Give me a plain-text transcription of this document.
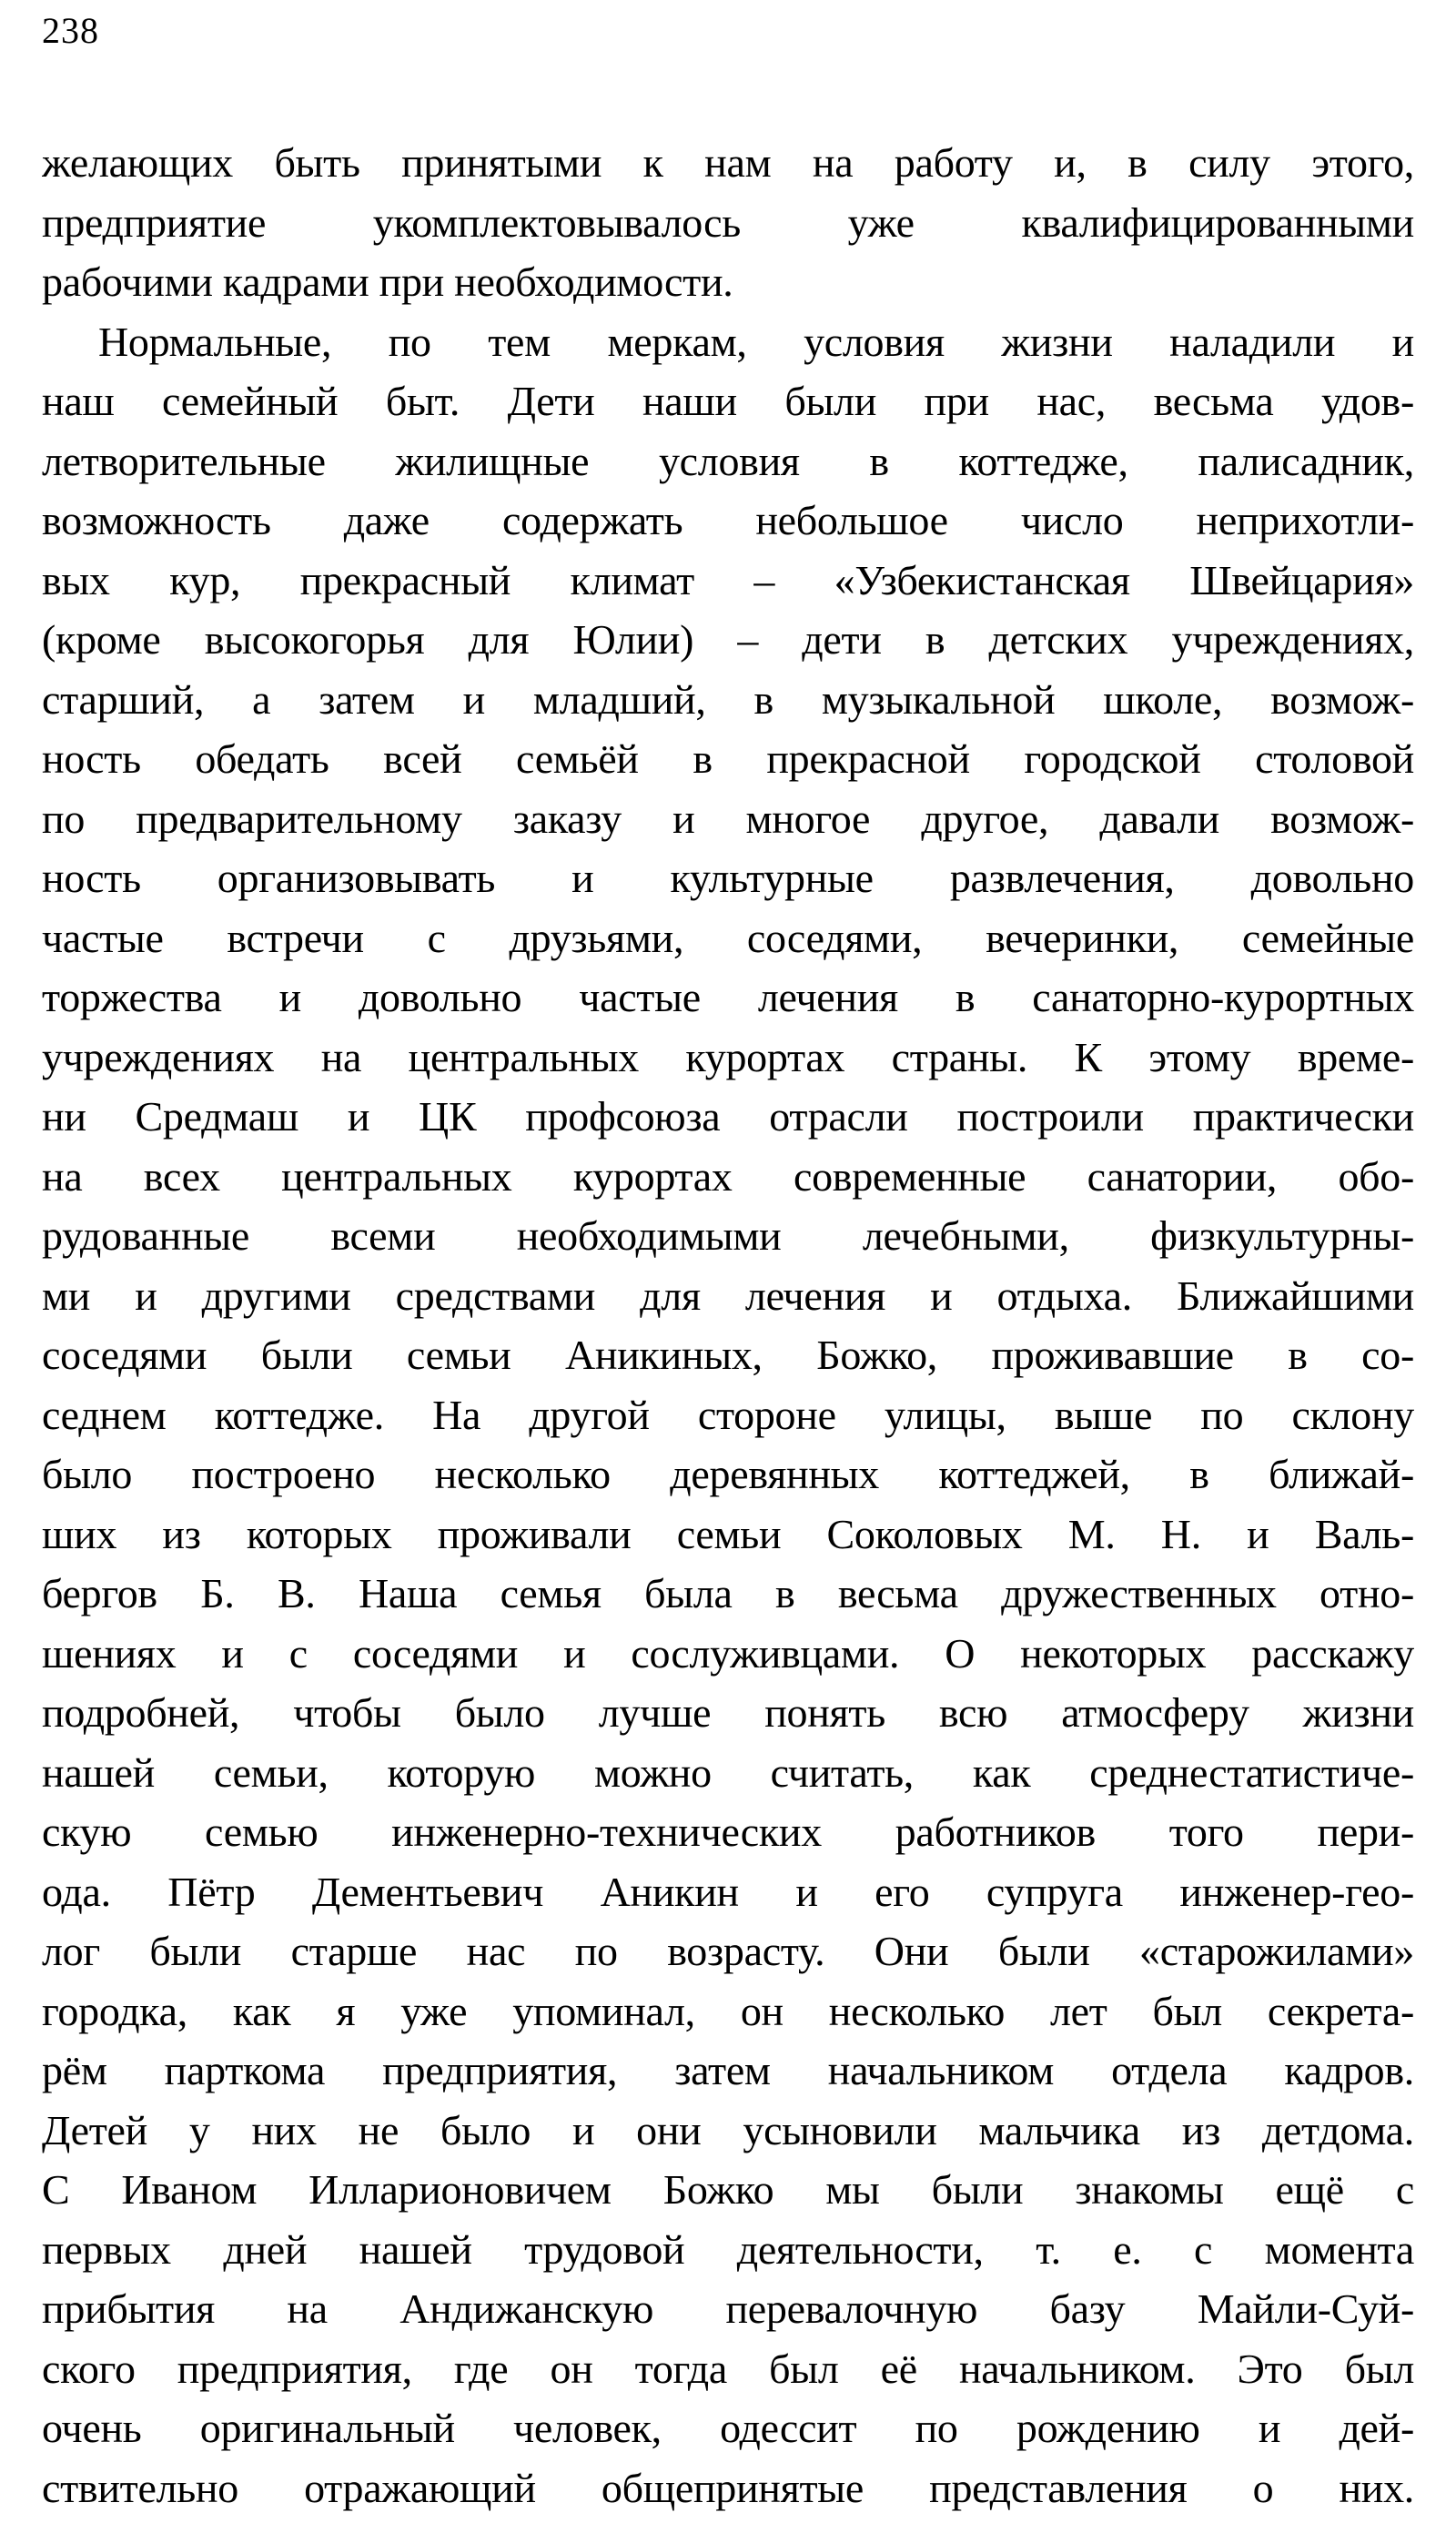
238
желающих быть принятыми к нам на работу и, в силу этого,
предприятие укомплектовывалось уже квалифицированными
рабочими кадрами при необходимости.
Нормальные, по тем меркам, условия жизни наладили и
наш семейный быт. Дети наши были при нас, весьма удов-
летворительные жилищные условия в коттедже, палисадник,
возможность даже содержать небольшое число неприхотли-
вых кур, прекрасный климат – «Узбекистанская Швейцария»
(кроме высокогорья для Юлии) – дети в детских учреждениях,
старший, а затем и младший, в музыкальной школе, возмож-
ность обедать всей семьёй в прекрасной городской столовой
по предварительному заказу и многое другое, давали возмож-
ность организовывать и культурные развлечения, довольно
частые встречи с друзьями, соседями, вечеринки, семейные
торжества и довольно частые лечения в санаторно-курортных
учреждениях на центральных курортах страны. К этому време-
ни Средмаш и ЦК профсоюза отрасли построили практически
на всех центральных курортах современные санатории, обо-
рудованные всеми необходимыми лечебными, физкультурны-
ми и другими средствами для лечения и отдыха. Ближайшими
соседями были семьи Аникиных, Божко, проживавшие в со-
седнем коттедже. На другой стороне улицы, выше по склону
было построено несколько деревянных коттеджей, в ближай-
ших из которых проживали семьи Соколовых М. Н. и Валь-
бергов Б. В. Наша семья была в весьма дружественных отно-
шениях и с соседями и сослуживцами. О некоторых расскажу
подробней, чтобы было лучше понять всю атмосферу жизни
нашей семьи, которую можно считать, как среднестатистиче-
скую семью инженерно-технических работников того пери-
ода. Пётр Дементьевич Аникин и его супруга инженер-гео-
лог были старше нас по возрасту. Они были «старожилами»
городка, как я уже упоминал, он несколько лет был секрета-
рём парткома предприятия, затем начальником отдела кадров.
Детей у них не было и они усыновили мальчика из детдома.
С Иваном Илларионовичем Божко мы были знакомы ещё с
первых дней нашей трудовой деятельности, т. е. с момента
прибытия на Андижанскую перевалочную базу Майли-Суй-
ского предприятия, где он тогда был её начальником. Это был
очень оригинальный человек, одессит по рождению и дей-
ствительно отражающий общепринятые представления о них.
